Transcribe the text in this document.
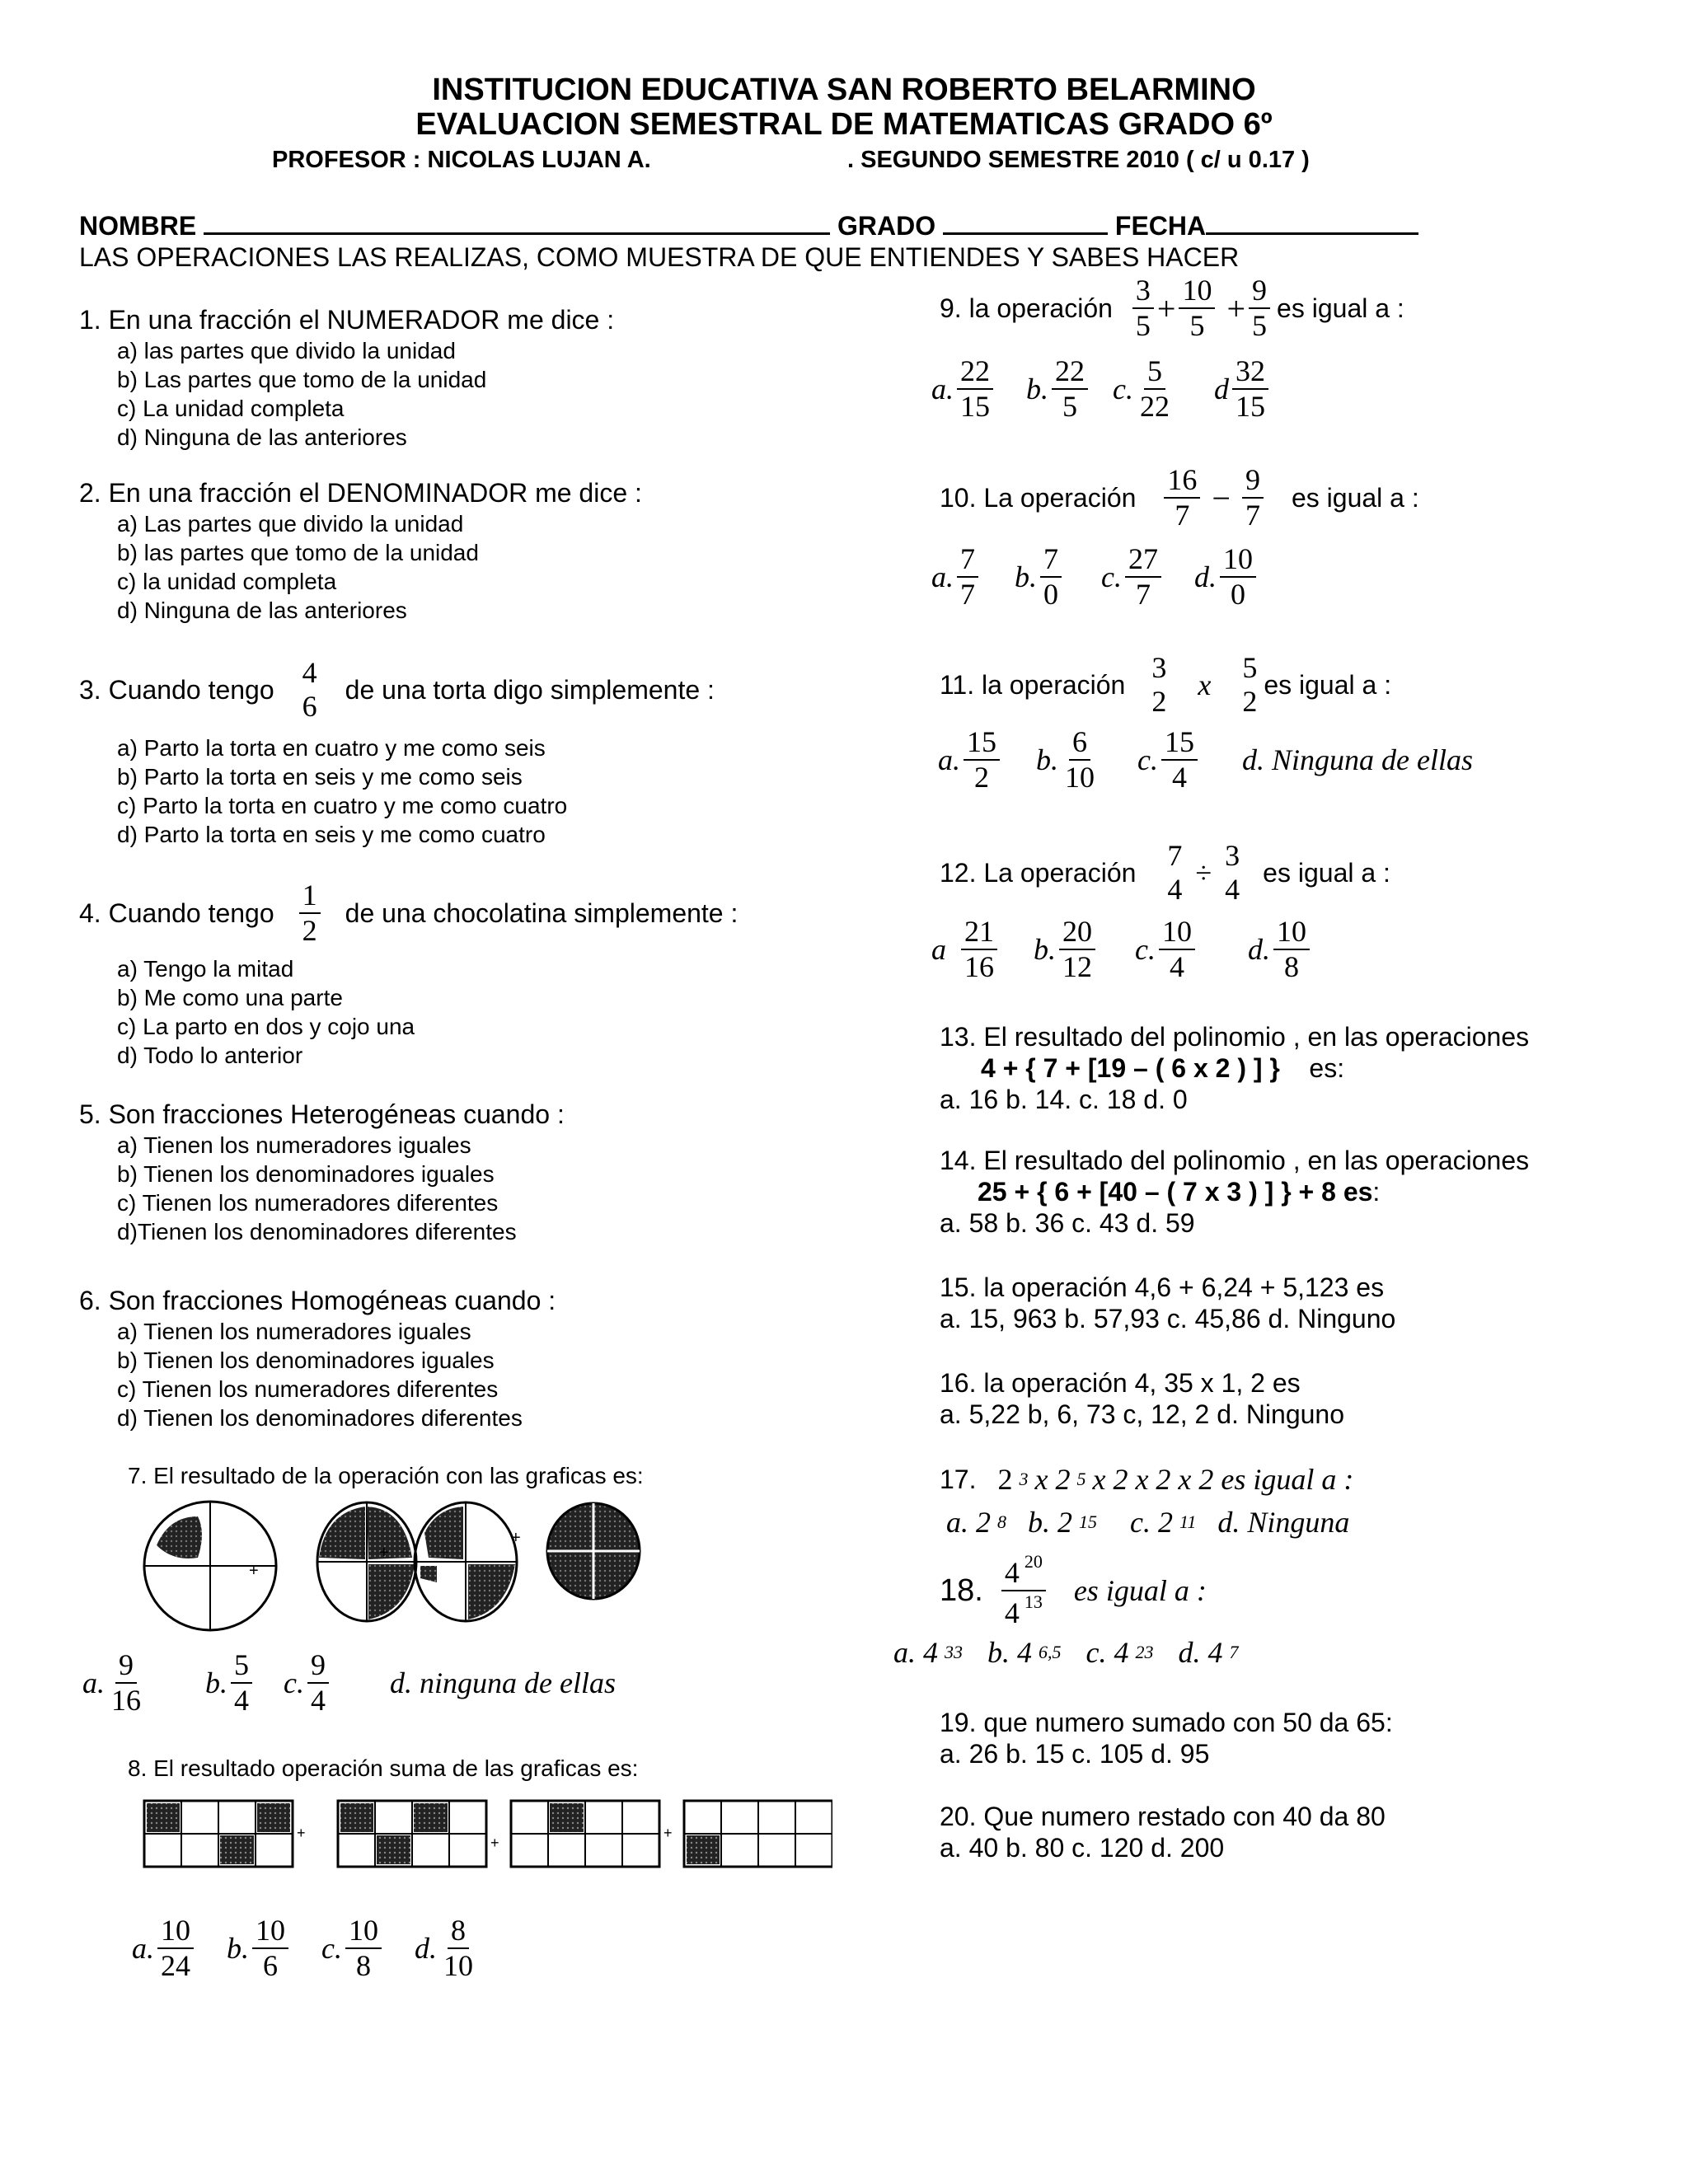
INSTITUCION EDUCATIVA SAN ROBERTO BELARMINO
EVALUACION SEMESTRAL DE MATEMATICAS GRADO 6º
PROFESOR : NICOLAS LUJAN A.	. SEGUNDO SEMESTRE 2010 ( c/ u 0.17 )
NOMBRE	GRADO	FECHA
LAS OPERACIONES LAS REALIZAS, COMO MUESTRA DE QUE ENTIENDES Y SABES HACER
1. En una fracción el NUMERADOR me dice :
a) las partes que divido la unidad
b) Las partes que tomo de la unidad
c) La unidad completa
d) Ninguna de las anteriores
2. En una fracción el DENOMINADOR me dice :
a) Las partes que divido la unidad
b) las partes que tomo de la unidad
c) la unidad completa
d) Ninguna de las anteriores
3. Cuando tengo
4
6
de una torta digo simplemente :
a) Parto la torta en cuatro y me como seis
b) Parto la torta en seis y me como seis
c) Parto la torta en cuatro y me como cuatro
d) Parto la torta en seis y me como cuatro
4. Cuando tengo $\frac{1}{2}$ de una chocolatina simplemente :
a) Tengo la mitad
b) Me como una parte
c) La parto en dos y cojo una
d) Todo lo anterior
5. Son fracciones Heterogéneas cuando :
a) Tienen los numeradores iguales
b) Tienen los denominadores iguales
c) Tienen los numeradores diferentes
d)Tienen los denominadores diferentes
6. Son fracciones Homogéneas cuando :
a) Tienen los numeradores iguales
b) Tienen los denominadores iguales
c) Tienen los numeradores diferentes
d) Tienen los denominadores diferentes
7. El resultado de la operación con las graficas es:
+
+
+
a. $\frac{9}{16} b$. $\frac{5}{4} c$. $\frac{9}{4} d$. ninguna de ellas
8. El resultado operación suma de las graficas es:
+
+
+
a. $\frac{10}{24} b$. $\frac{10}{6} c$. $\frac{10}{8} d$. $\frac{8}{10}$
9. la operación $\frac{3}{5} + \frac{10}{5} + \frac{9}{5}$ es igual a :
a. $\frac{22}{15} b$. $\frac{22}{5} c$. $\frac{5}{22}$ d $\frac{32}{15}$
10. La operación $\frac{16}{7} - \frac{9}{7}$ es igual a :
a. $\frac{7}{7} b$. $\frac{7}{0} c$. $\frac{27}{7} d$. $\frac{10}{0}$
11. la operación
3
2 x
5
2
es igual a :
a. $\frac{15}{2} b$. $\frac{6}{10} c$. $\frac{15}{4} d$. Ninguna de ellas
12. La operación
7
4 ÷
3
4
es igual a :
a $\frac{21}{16} b$. $\frac{20}{12} c$. $\frac{10}{4} d$. $\frac{10}{8}$
13. El resultado del polinomio , en las operaciones
4 + { 7 + [19 – ( 6 x 2 ) ] } es:
a. 16 b. 14. c. 18 d. 0
14. El resultado del polinomio , en las operaciones
25 + { 6 + [40 – ( 7 x 3 ) ] } + 8 es:
a. 58 b. 36 c. 43 d. 59
15. la operación 4,6 + 6,24 + 5,123 es
a. 15, 963 b. 57,93 c. 45,86 d. Ninguno
16. la operación 4, 35 x 1, 2 es
a. 5,22 b, 6, 73 c, 12, 2 d. Ninguno
17. 2 3 x 2 5 x 2 x 2 x 2 es igual a :
a. 2 8 b. 2 15 c. 2 11 d. Ninguna
18. $\frac{4 ^{20}}{4 ^{13}}$ es igual a :
a. 4 33 b. 4 6,5 c. 4 23 d. 4 7
19. que numero sumado con 50 da 65:
a. 26 b. 15 c. 105 d. 95
20. Que numero restado con 40 da 80
a. 40 b. 80 c. 120 d. 200
